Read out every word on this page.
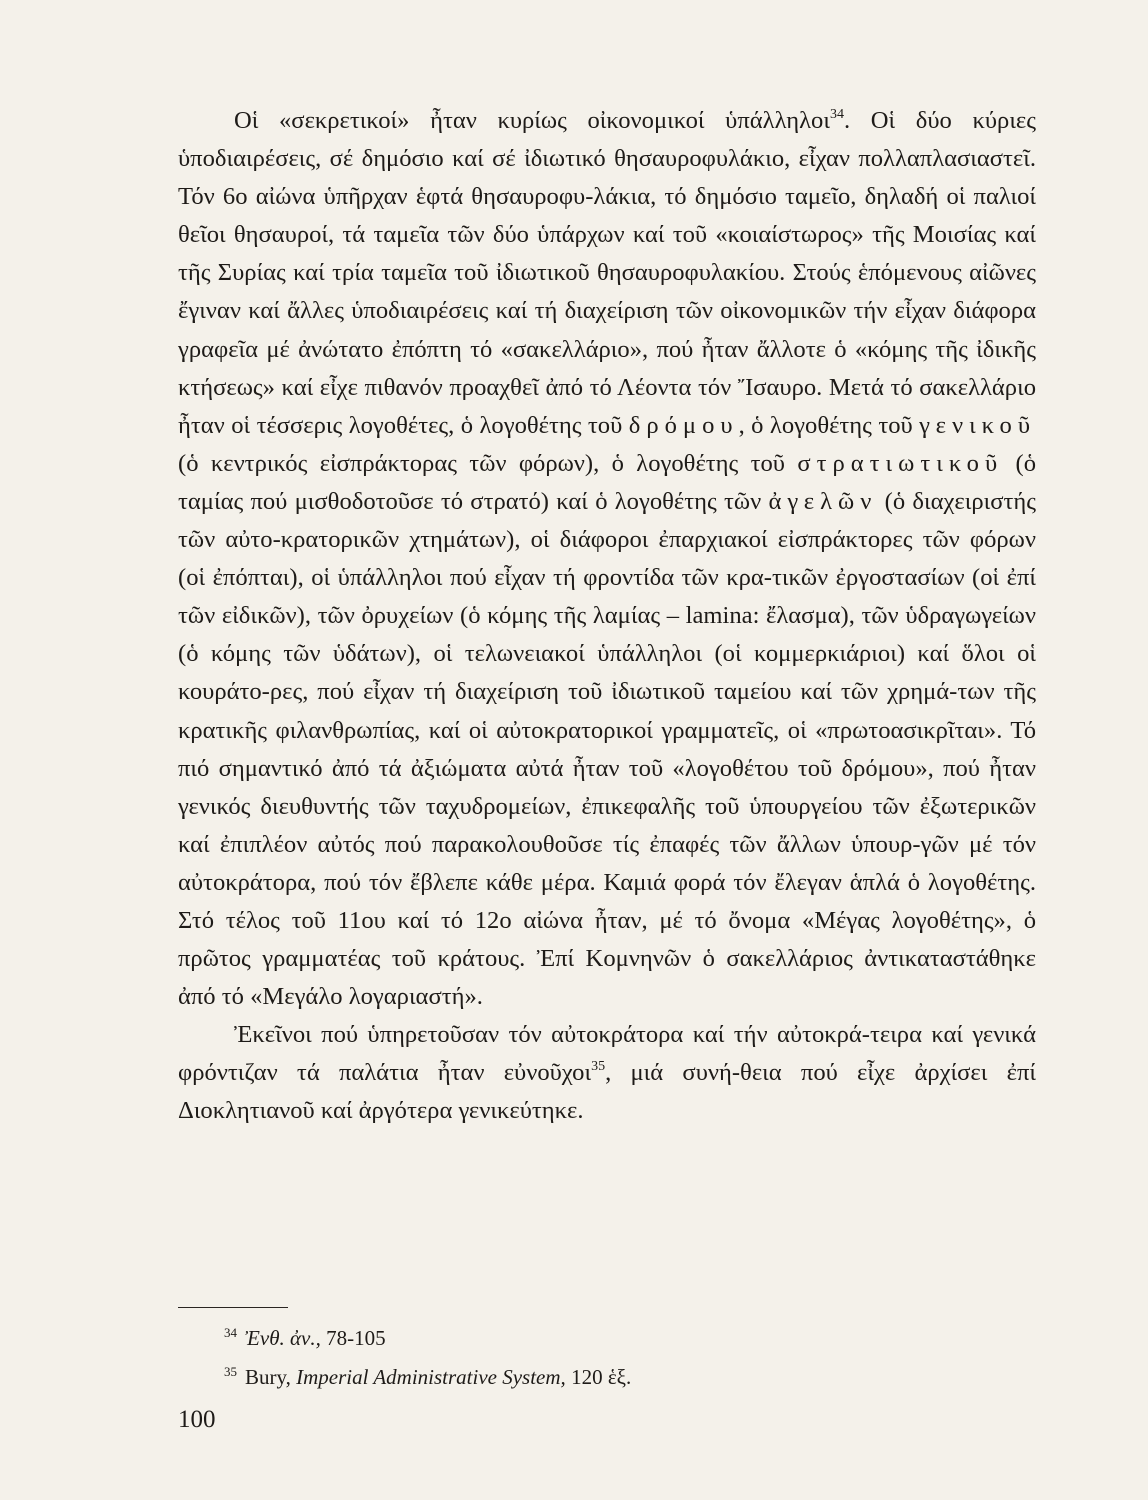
Οἱ «σεκρετικοί» ἦταν κυρίως οἰκονομικοί ὑπάλληλοι$^{34}$. Οἱ δύο κύριες ὑποδιαιρέσεις, σέ δημόσιο καί σέ ἰδιωτικό θησαυροφυλάκιο, εἶχαν πολλαπλασιαστεῖ. Τόν 6ο αἰώνα ὑπῆρχαν ἑφτά θησαυροφυ-λάκια, τό δημόσιο ταμεῖο, δηλαδή οἱ παλιοί θεῖοι θησαυροί, τά ταμεῖα τῶν δύο ὑπάρχων καί τοῦ «κοιαίστωρος» τῆς Μοισίας καί τῆς Συρίας καί τρία ταμεῖα τοῦ ἰδιωτικοῦ θησαυροφυλακίου. Στούς ἑπόμενους αἰῶνες ἔγιναν καί ἄλλες ὑποδιαιρέσεις καί τή διαχείριση τῶν οἰκονομικῶν τήν εἶχαν διάφορα γραφεῖα μέ ἀνώτατο ἐπόπτη τό «σακελλάριο», πού ἦταν ἄλλοτε ὁ «κόμης τῆς ἰδικῆς κτήσεως» καί εἶχε πιθανόν προαχθεῖ ἀπό τό Λέοντα τόν Ἴσαυρο. Μετά τό σακελλάριο ἦταν οἱ τέσσερις λογοθέτες, ὁ λογοθέτης τοῦ δρόμου, ὁ λογοθέτης τοῦ γενικοῦ (ὁ κεντρικός εἰσπράκτορας τῶν φόρων), ὁ λογοθέτης τοῦ στρατιωτικοῦ (ὁ ταμίας πού μισθοδοτοῦσε τό στρατό) καί ὁ λογοθέτης τῶν ἀγελῶν (ὁ διαχειριστής τῶν αὐτο-κρατορικῶν χτημάτων), οἱ διάφοροι ἐπαρχιακοί εἰσπράκτορες τῶν φόρων (οἱ ἐπόπται), οἱ ὑπάλληλοι πού εἶχαν τή φροντίδα τῶν κρα-τικῶν ἐργοστασίων (οἱ ἐπί τῶν εἰδικῶν), τῶν ὀρυχείων (ὁ κόμης τῆς λαμίας – lamina: ἔλασμα), τῶν ὑδραγωγείων (ὁ κόμης τῶν ὑδάτων), οἱ τελωνειακοί ὑπάλληλοι (οἱ κομμερκιάριοι) καί ὅλοι οἱ κουράτο-ρες, πού εἶχαν τή διαχείριση τοῦ ἰδιωτικοῦ ταμείου καί τῶν χρημά-των τῆς κρατικῆς φιλανθρωπίας, καί οἱ αὐτοκρατορικοί γραμματεῖς, οἱ «πρωτοασικρῖται». Τό πιό σημαντικό ἀπό τά ἀξιώματα αὐτά ἦταν τοῦ «λογοθέτου τοῦ δρόμου», πού ἦταν γενικός διευθυντής τῶν ταχυδρομείων, ἐπικεφαλῆς τοῦ ὑπουργείου τῶν ἐξωτερικῶν καί ἐπιπλέον αὐτός πού παρακολουθοῦσε τίς ἐπαφές τῶν ἄλλων ὑπουρ-γῶν μέ τόν αὐτοκράτορα, πού τόν ἔβλεπε κάθε μέρα. Καμιά φορά τόν ἔλεγαν ἁπλά ὁ λογοθέτης. Στό τέλος τοῦ 11ου καί τό 12ο αἰώνα ἦταν, μέ τό ὄνομα «Μέγας λογοθέτης», ὁ πρῶτος γραμματέας τοῦ κράτους. Ἐπί Κομνηνῶν ὁ σακελλάριος ἀντικαταστάθηκε ἀπό τό «Μεγάλο λογαριαστή».

Ἐκεῖνοι πού ὑπηρετοῦσαν τόν αὐτοκράτορα καί τήν αὐτοκρά-τειρα καί γενικά φρόντιζαν τά παλάτια ἦταν εὐνοῦχοι$^{35}$, μιά συνή-θεια πού εἶχε ἀρχίσει ἐπί Διοκλητιανοῦ καί ἀργότερα γενικεύτηκε.

$^{34}$ Ἐνθ. ἀν., 78-105

$^{35}$ Bury, Imperial Administrative System, 120 ἑξ.

100
